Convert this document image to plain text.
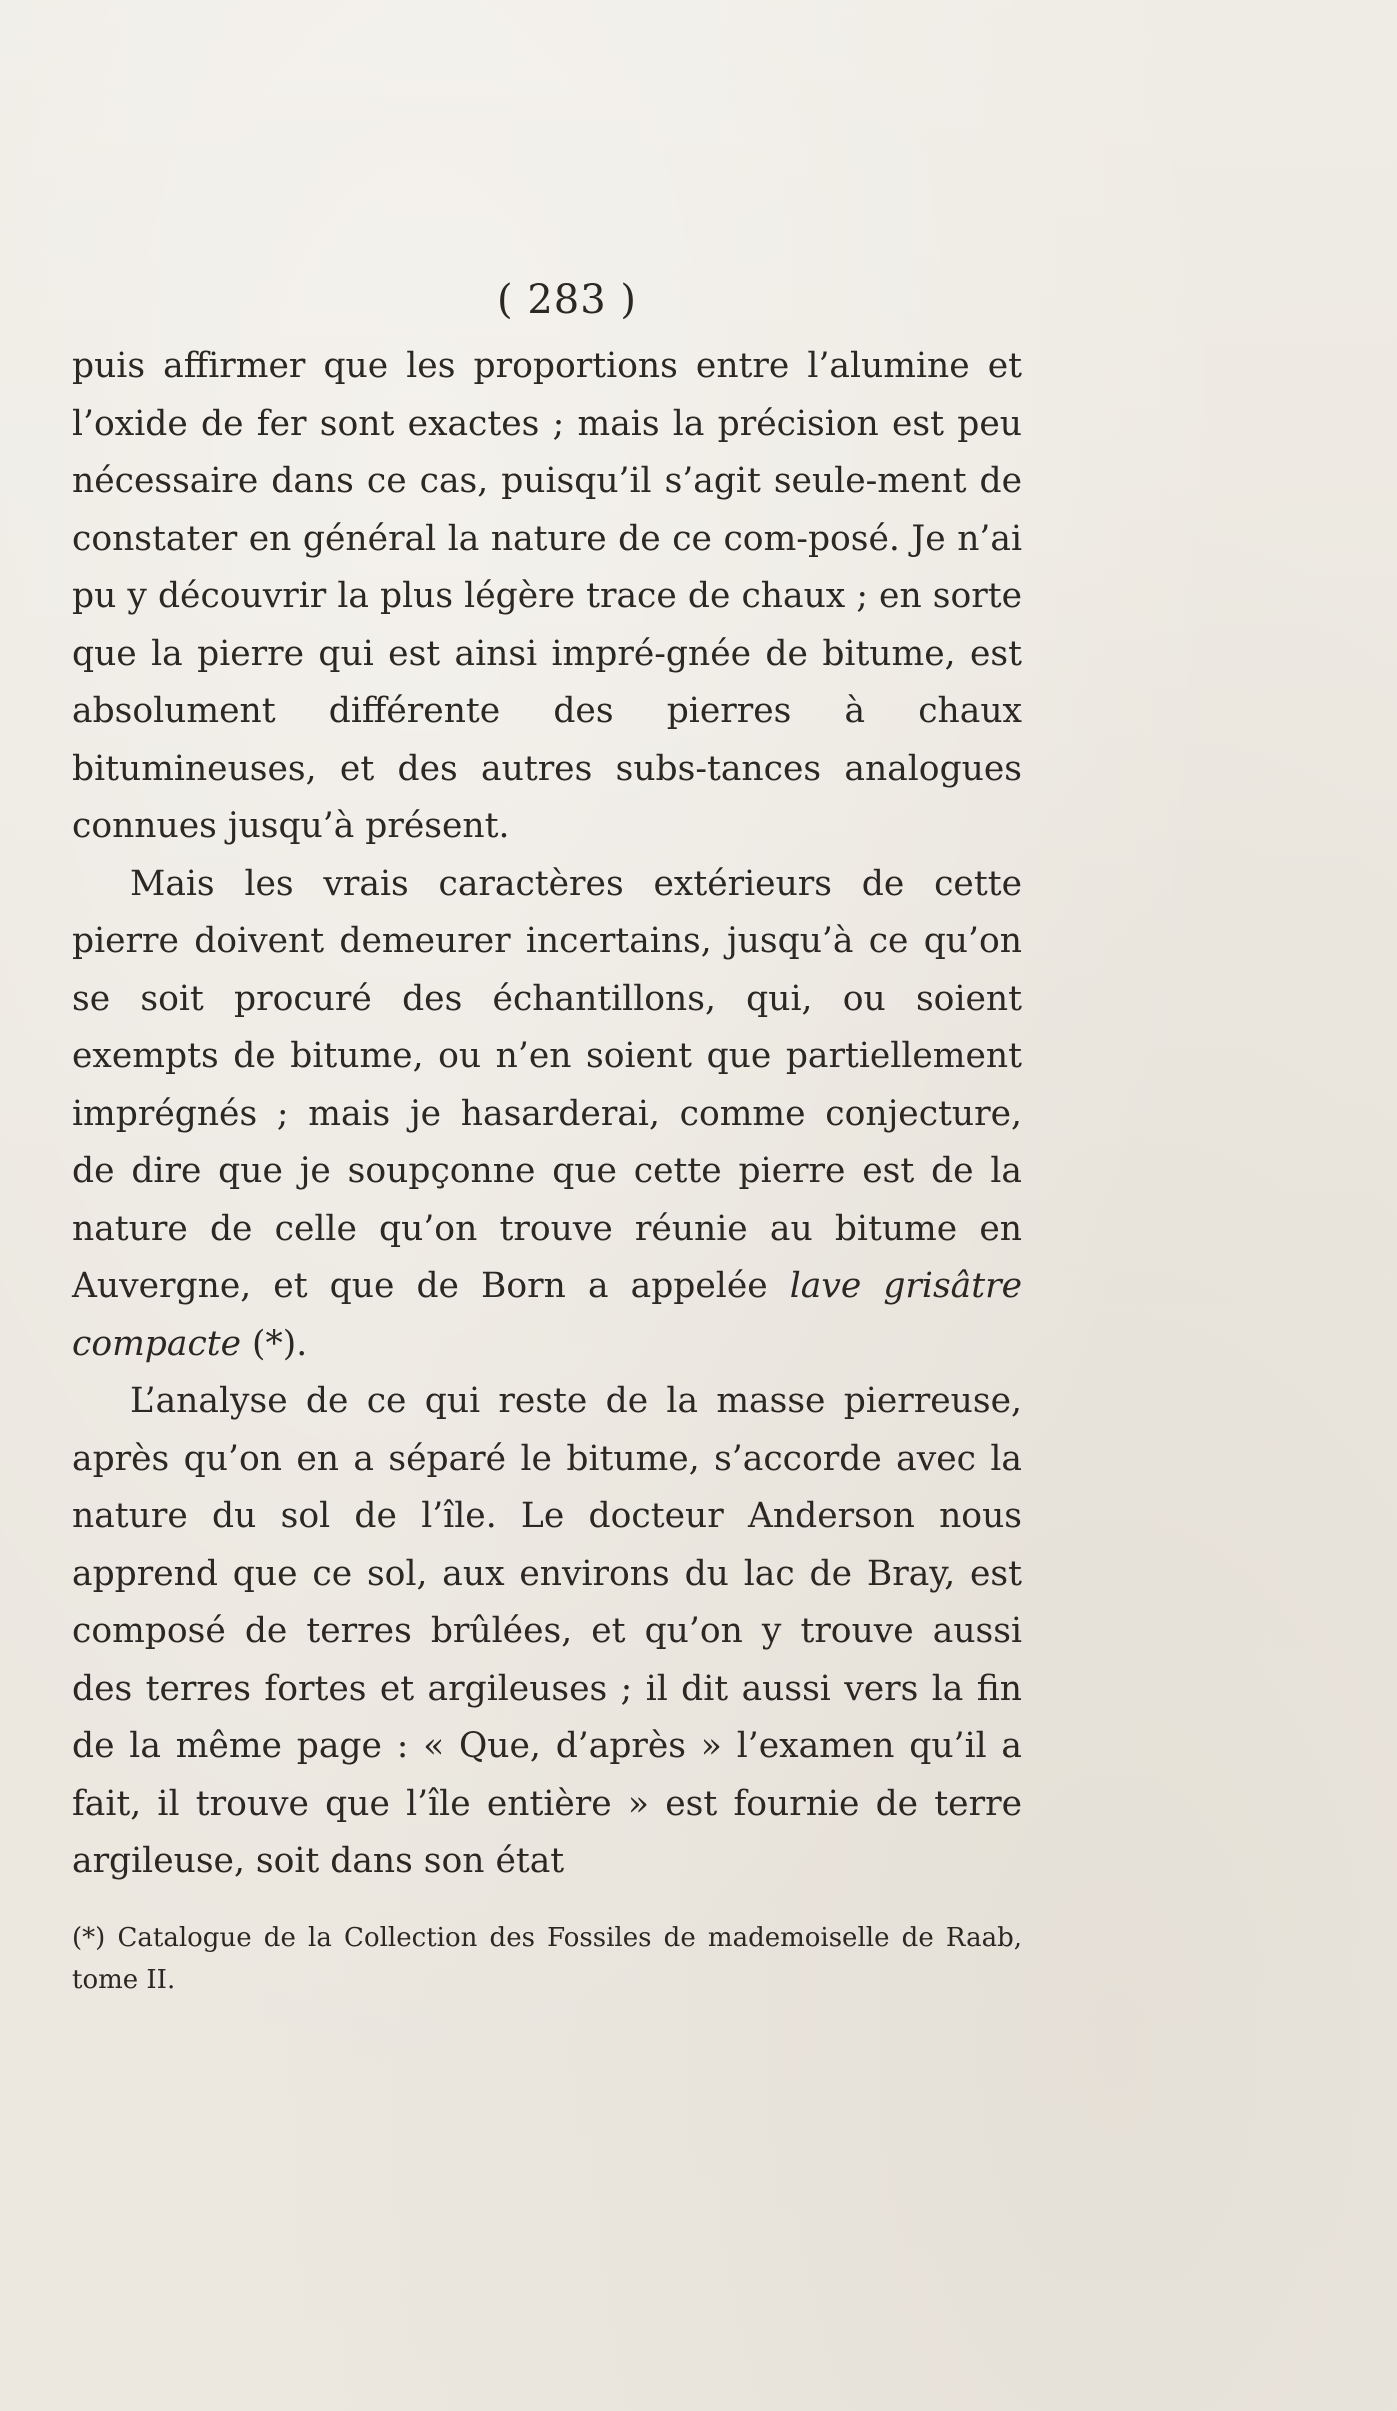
( 283 )

puis affirmer que les proportions entre l’alumine et l’oxide de fer sont exactes ; mais la précision est peu nécessaire dans ce cas, puisqu’il s’agit seule-ment de constater en général la nature de ce com-posé. Je n’ai pu y découvrir la plus légère trace de chaux ; en sorte que la pierre qui est ainsi impré-gnée de bitume, est absolument différente des pierres à chaux bitumineuses, et des autres subs-tances analogues connues jusqu’à présent.

Mais les vrais caractères extérieurs de cette pierre doivent demeurer incertains, jusqu’à ce qu’on se soit procuré des échantillons, qui, ou soient exempts de bitume, ou n’en soient que partiellement imprégnés ; mais je hasarderai, comme conjecture, de dire que je soupçonne que cette pierre est de la nature de celle qu’on trouve réunie au bitume en Auvergne, et que de Born a appelée lave grisâtre compacte (*).

L’analyse de ce qui reste de la masse pierreuse, après qu’on en a séparé le bitume, s’accorde avec la nature du sol de l’île. Le docteur Anderson nous apprend que ce sol, aux environs du lac de Bray, est composé de terres brûlées, et qu’on y trouve aussi des terres fortes et argileuses ; il dit aussi vers la fin de la même page : « Que, d’après » l’examen qu’il a fait, il trouve que l’île entière » est fournie de terre argileuse, soit dans son état

(*) Catalogue de la Collection des Fossiles de mademoiselle de Raab, tome II.
